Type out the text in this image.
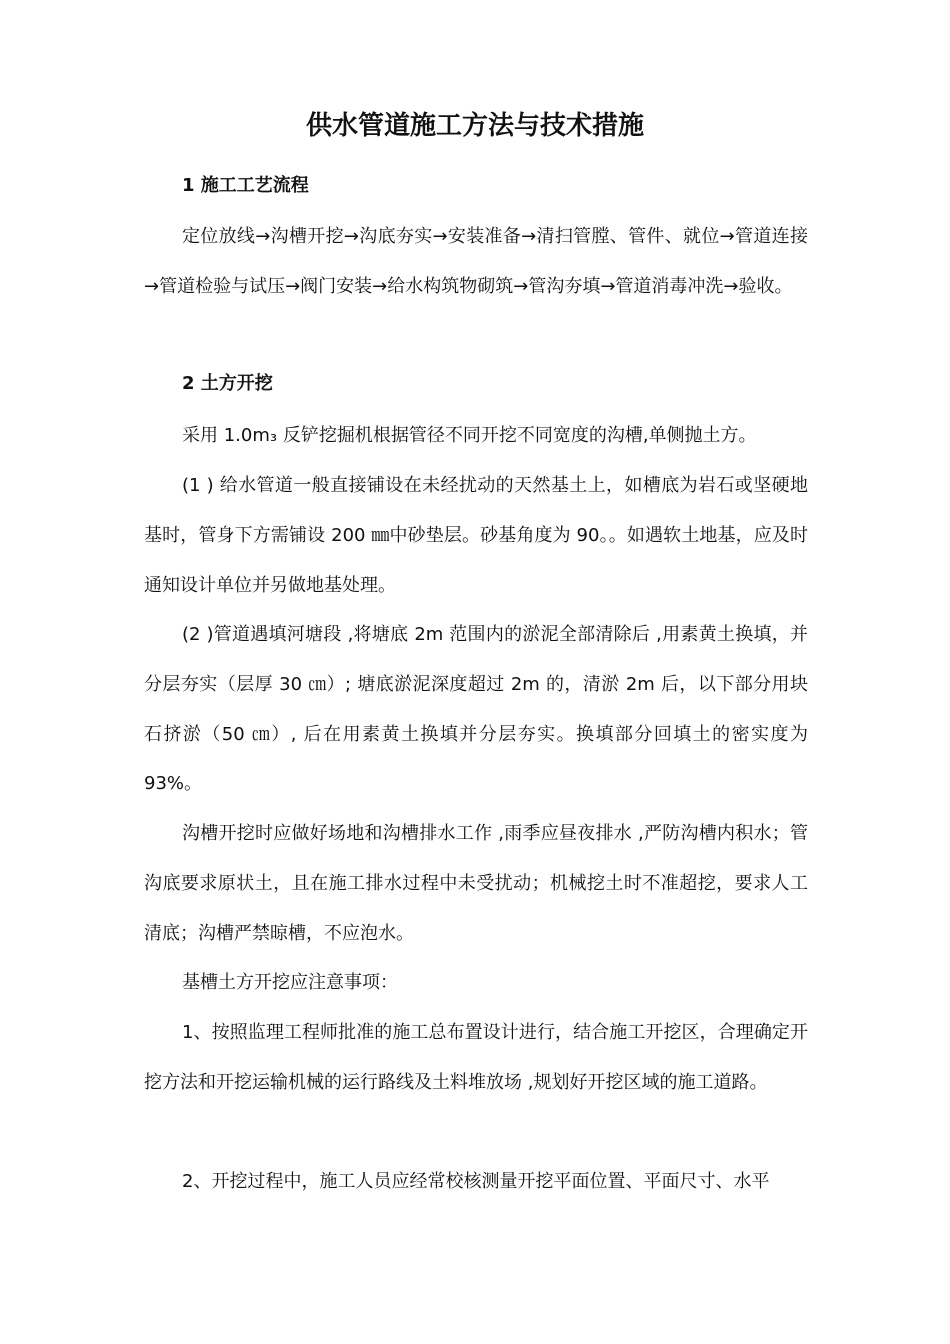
供水管道施工方法与技术措施
1 施工工艺流程

定位放线→沟槽开挖→沟底夯实→安装准备→清扫管膛、管件、就位→管道连接→管道检验与试压→阀门安装→给水构筑物砌筑→管沟夯填→管道消毒冲洗→验收。

2 土方开挖

采用 1.0m₃ 反铲挖掘机根据管径不同开挖不同宽度的沟槽,单侧抛土方。

(1 ) 给水管道一般直接铺设在未经扰动的天然基土上，如槽底为岩石或坚硬地基时，管身下方需铺设 200 ㎜中砂垫层。砂基角度为 90。。如遇软土地基，应及时通知设计单位并另做地基处理。

(2 )管道遇填河塘段 ,将塘底 2m 范围内的淤泥全部清除后 ,用素黄土换填，并分层夯实（层厚 30 ㎝）; 塘底淤泥深度超过 2m 的，清淤 2m 后，以下部分用块石挤淤（50 ㎝）, 后在用素黄土换填并分层夯实。换填部分回填土的密实度为 93%。

沟槽开挖时应做好场地和沟槽排水工作 ,雨季应昼夜排水 ,严防沟槽内积水；管沟底要求原状土，且在施工排水过程中未受扰动；机械挖土时不准超挖，要求人工清底；沟槽严禁晾槽，不应泡水。

基槽土方开挖应注意事项：

1、按照监理工程师批准的施工总布置设计进行，结合施工开挖区，合理确定开挖方法和开挖运输机械的运行路线及土料堆放场 ,规划好开挖区域的施工道路。

2、开挖过程中，施工人员应经常校核测量开挖平面位置、平面尺寸、水平
